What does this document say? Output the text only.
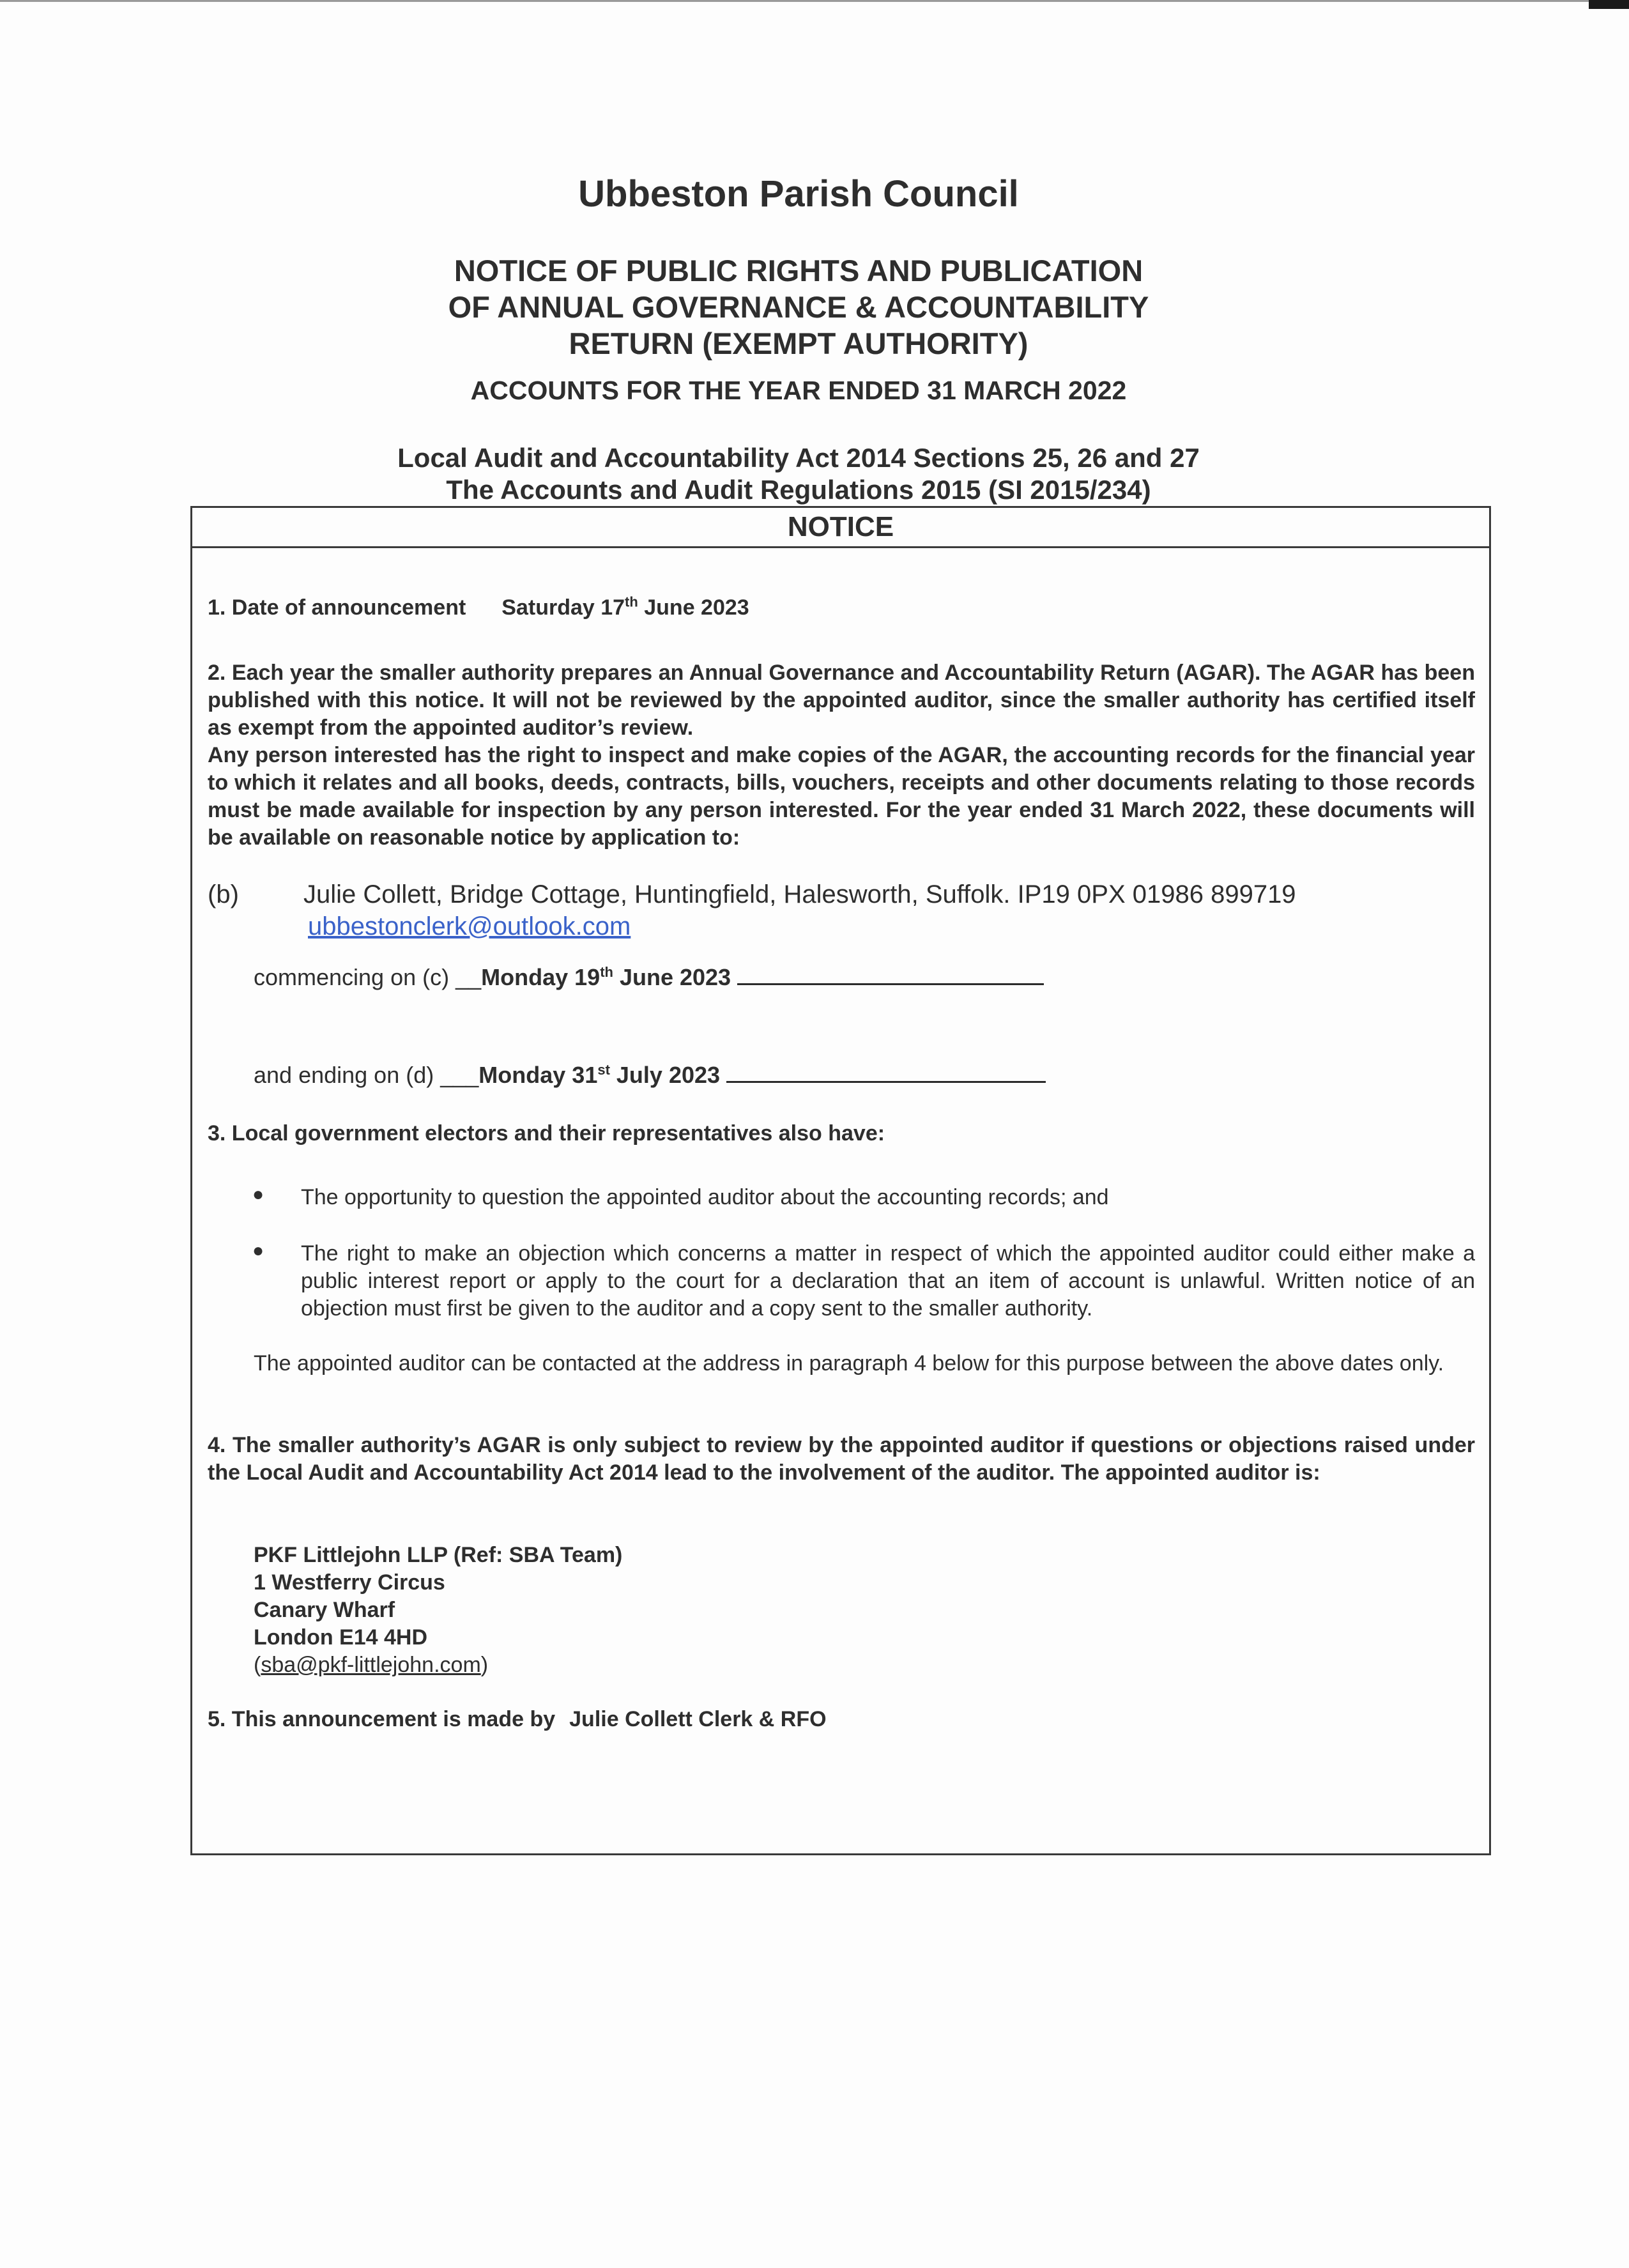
Ubbeston Parish Council
NOTICE OF PUBLIC RIGHTS AND PUBLICATION
OF ANNUAL GOVERNANCE & ACCOUNTABILITY
RETURN (EXEMPT AUTHORITY)
ACCOUNTS FOR THE YEAR ENDED 31 MARCH 2022
Local Audit and Accountability Act 2014 Sections 25, 26 and 27
The Accounts and Audit Regulations 2015 (SI 2015/234)
NOTICE
1. Date of announcement Saturday 17th June 2023
2. Each year the smaller authority prepares an Annual Governance and Accountability Return (AGAR). The AGAR has been published with this notice. It will not be reviewed by the appointed auditor, since the smaller authority has certified itself as exempt from the appointed auditor’s review.
Any person interested has the right to inspect and make copies of the AGAR, the accounting records for the financial year to which it relates and all books, deeds, contracts, bills, vouchers, receipts and other documents relating to those records must be made available for inspection by any person interested. For the year ended 31 March 2022, these documents will be available on reasonable notice by application to:
(b)	Julie Collett, Bridge Cottage, Huntingfield, Halesworth, Suffolk. IP19 0PX 01986 899719
ubbestonclerk@outlook.com
commencing on (c) __Monday 19th June 2023
and ending on (d) ___Monday 31st July 2023
3. Local government electors and their representatives also have:
● The opportunity to question the appointed auditor about the accounting records; and
● The right to make an objection which concerns a matter in respect of which the appointed auditor could either make a public interest report or apply to the court for a declaration that an item of account is unlawful. Written notice of an objection must first be given to the auditor and a copy sent to the smaller authority.
The appointed auditor can be contacted at the address in paragraph 4 below for this purpose between the above dates only.
4. The smaller authority’s AGAR is only subject to review by the appointed auditor if questions or objections raised under the Local Audit and Accountability Act 2014 lead to the involvement of the auditor. The appointed auditor is:
PKF Littlejohn LLP (Ref: SBA Team)
1 Westferry Circus
Canary Wharf
London E14 4HD
(sba@pkf-littlejohn.com)
5. This announcement is made by Julie Collett Clerk & RFO
